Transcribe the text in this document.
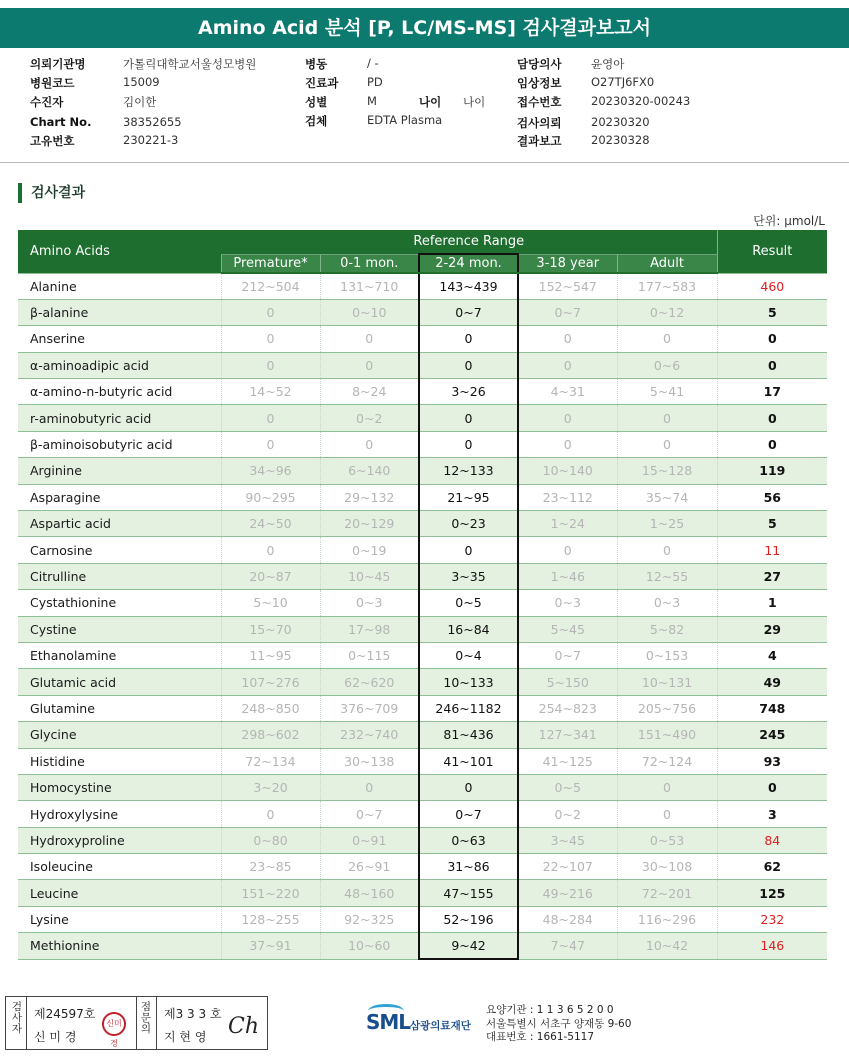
Amino Acid 분석 [P, LC/MS-MS] 검사결과보고서
의뢰기관명	가톨릭대학교서울성모병원
병원코드	15009
수진자	김이한
Chart No.	38352655
고유번호	230221-3
병동	/ -
진료과 PD
성별	M	나이 나이
검체	EDTA Plasma
담당의사	윤영아
임상정보	O27TJ6FX0
접수번호	20230320-00243
검사의뢰	20230320
결과보고	20230328
검사결과
단위: μmol/L
Amino Acids	Reference Range					Result
	Premature*	0-1 mon.	2-24 mon.	3-18 year	Adult	
Alanine	212~504	131~710	143~439	152~547	177~583	460
β-alanine	0	0~10	0~7	0~7	0~12	5
Anserine	0	0	0	0	0	0
α-aminoadipic acid	0	0	0	0	0~6	0
α-amino-n-butyric acid	14~52	8~24	3~26	4~31	5~41	17
r-aminobutyric acid	0	0~2	0	0	0	0
β-aminoisobutyric acid	0	0	0	0	0	0
Arginine	34~96	6~140	12~133	10~140	15~128	119
Asparagine	90~295	29~132	21~95	23~112	35~74	56
Aspartic acid	24~50	20~129	0~23	1~24	1~25	5
Carnosine	0	0~19	0	0	0	11
Citrulline	20~87	10~45	3~35	1~46	12~55	27
Cystathionine	5~10	0~3	0~5	0~3	0~3	1
Cystine	15~70	17~98	16~84	5~45	5~82	29
Ethanolamine	11~95	0~115	0~4	0~7	0~153	4
Glutamic acid	107~276	62~620	10~133	5~150	10~131	49
Glutamine	248~850	376~709	246~1182	254~823	205~756	748
Glycine	298~602	232~740	81~436	127~341	151~490	245
Histidine	72~134	30~138	41~101	41~125	72~124	93
Homocystine	3~20	0	0	0~5	0	0
Hydroxylysine	0	0~7	0~7	0~2	0	3
Hydroxyproline	0~80	0~91	0~63	3~45	0~53	84
Isoleucine	23~85	26~91	31~86	22~107	30~108	62
Leucine	151~220	48~160	47~155	49~216	72~201	125
Lysine	128~255	92~325	52~196	48~284	116~296	232
Methionine	37~91	10~60	9~42	7~47	10~42	146
검사자
제24597호
신 미 경
신미경
점문의
제3 3 3 호
지 현 영 Ch	SML 삼광의료재단
요양기관 : 1 1 3 6 5 2 0 0
서울특별시 서초구 양재동 9-60
대표번호 : 1661-5117
